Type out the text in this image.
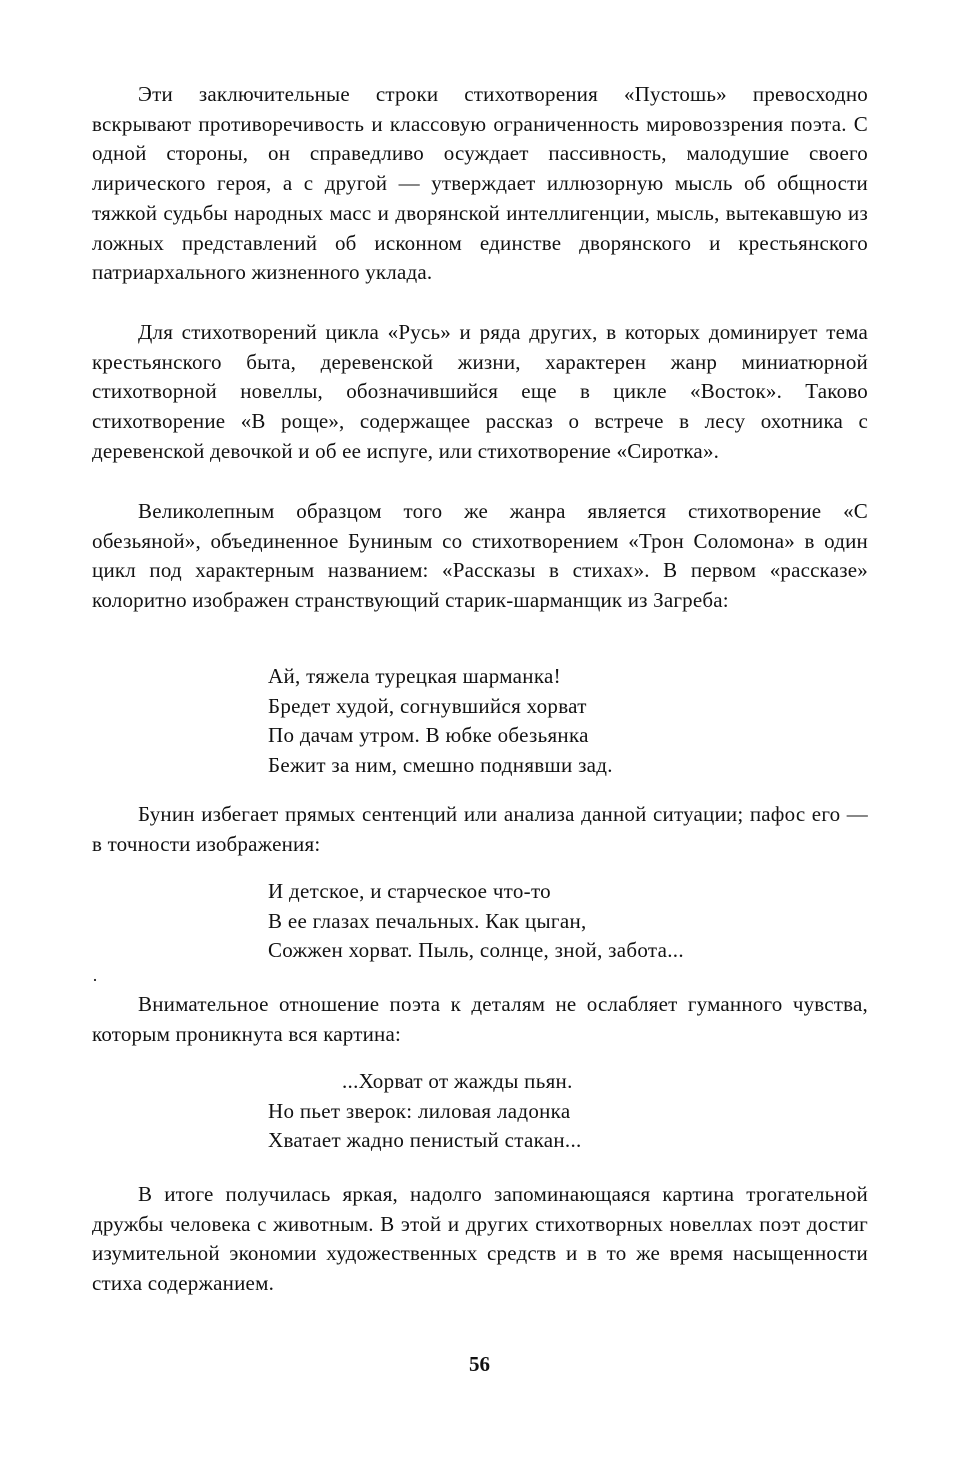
Эти заключительные строки стихотворения «Пустошь» превосходно вскрывают противоречивость и классовую ограниченность мировоззрения поэта. С одной стороны, он справедливо осуждает пассивность, малодушие своего лирического героя, а с другой — утверждает иллюзорную мысль об общности тяжкой судьбы народных масс и дворянской интеллигенции, мысль, вытекавшую из ложных представлений об исконном единстве дворянского и крестьянского патриархального жизненного уклада.

Для стихотворений цикла «Русь» и ряда других, в которых доминирует тема крестьянского быта, деревенской жизни, характерен жанр миниатюрной стихотворной новеллы, обозначившийся еще в цикле «Восток». Таково стихотворение «В роще», содержащее рассказ о встрече в лесу охотника с деревенской девочкой и об ее испуге, или стихотворение «Сиротка».

Великолепным образцом того же жанра является стихотворение «С обезьяной», объединенное Буниным со стихотворением «Трон Соломона» в один цикл под характерным названием: «Рассказы в стихах». В первом «рассказе» колоритно изображен странствующий старик-шарманщик из Загреба:

Ай, тяжела турецкая шарманка!
Бредет худой, согнувшийся хорват
По дачам утром. В юбке обезьянка
Бежит за ним, смешно поднявши зад.

Бунин избегает прямых сентенций или анализа данной ситуации; пафос его — в точности изображения:

И детское, и старческое что-то
В ее глазах печальных. Как цыган,
Сожжен хорват. Пыль, солнце, зной, забота...
·

Внимательное отношение поэта к деталям не ослабляет гуманного чувства, которым проникнута вся картина:

...Хорват от жажды пьян.
Но пьет зверок: лиловая ладонка
Хватает жадно пенистый стакан...

В итоге получилась яркая, надолго запоминающаяся картина трогательной дружбы человека с животным. В этой и других стихотворных новеллах поэт достиг изумительной экономии художественных средств и в то же время насыщенности стиха содержанием.

56
